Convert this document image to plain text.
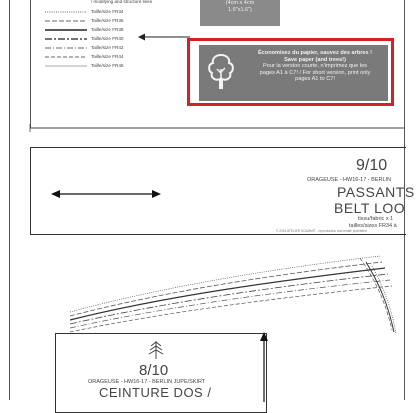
/ modifying and structure lines
Taille/size FR34
Taille/size FR36
Taille/size FR38
Taille/size FR40
Taille/size FR42
Taille/size FR44
Taille/size FR46
(4cm x 4cm
1.6"x1.6")
Économisez du papier, sauvez des arbres !
Save paper (and trees!)
Pour la version courte, n'imprimez que les
pages A1 à C7! / For short version, print only
pages A1 to C7!
9/10
ORAGEUSE - HW16-17 - BERLIN
PASSANTS
BELT LOO
tissu/fabric x 1
tailles/sizes FR34 à
© 2016 ATELIER SCAMMIT - reproduction and resale prohibited
8/10
ORAGEUSE - HW16-17 - BERLIN JUPE/SKIRT
CEINTURE DOS /
